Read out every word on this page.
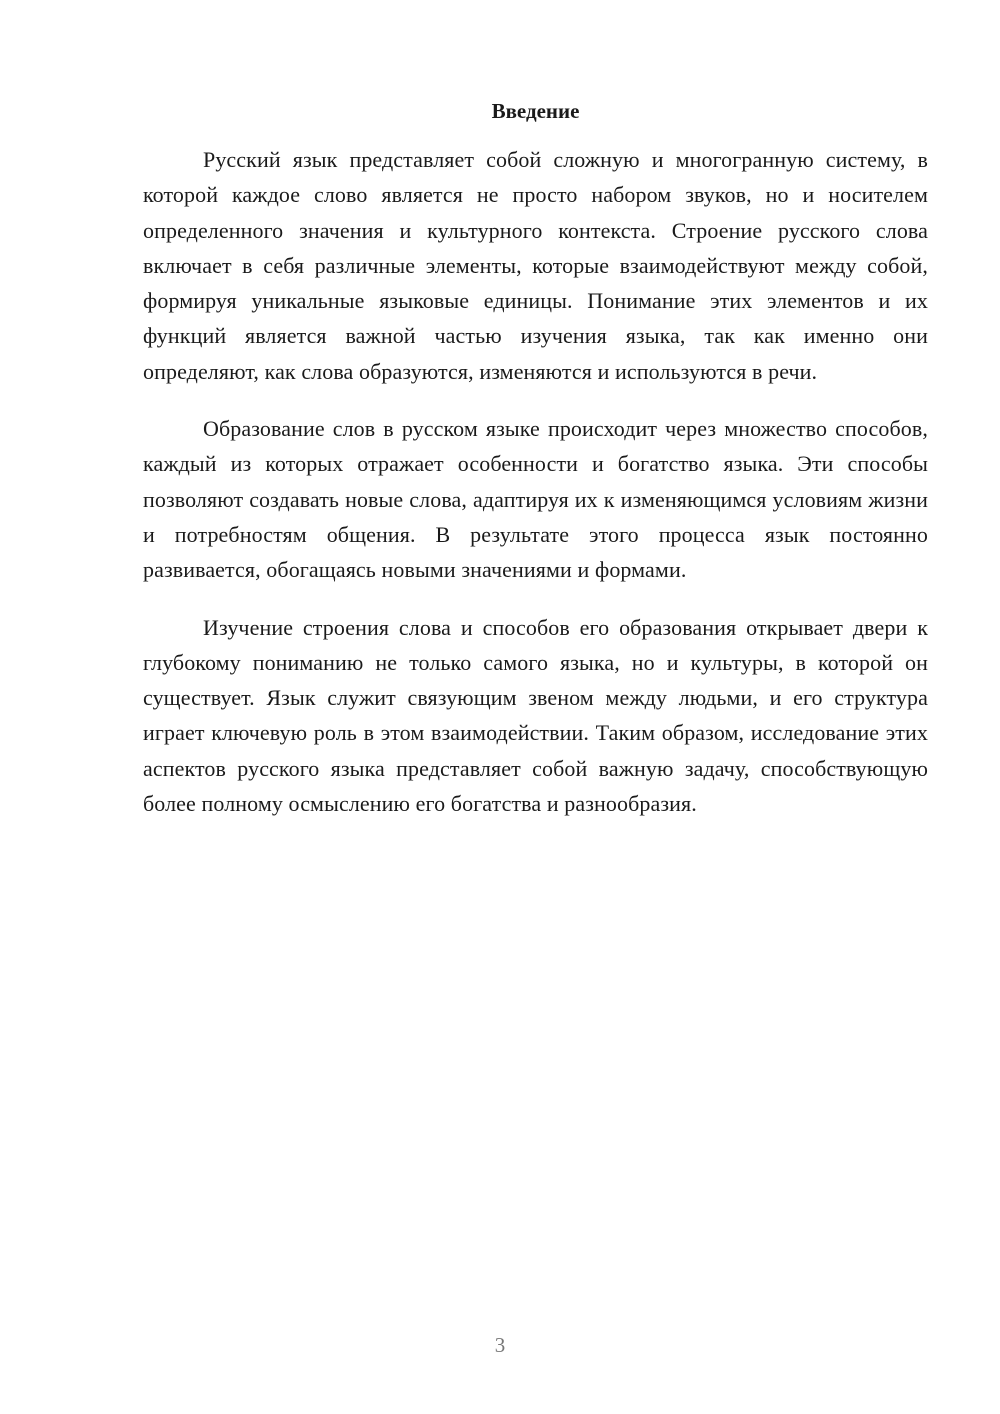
Введение

Русский язык представляет собой сложную и многогранную систему, в которой каждое слово является не просто набором звуков, но и носителем определенного значения и культурного контекста. Строение русского слова включает в себя различные элементы, которые взаимодействуют между собой, формируя уникальные языковые единицы. Понимание этих элементов и их функций является важной частью изучения языка, так как именно они определяют, как слова образуются, изменяются и используются в речи.

Образование слов в русском языке происходит через множество способов, каждый из которых отражает особенности и богатство языка. Эти способы позволяют создавать новые слова, адаптируя их к изменяющимся условиям жизни и потребностям общения. В результате этого процесса язык постоянно развивается, обогащаясь новыми значениями и формами.

Изучение строения слова и способов его образования открывает двери к глубокому пониманию не только самого языка, но и культуры, в которой он существует. Язык служит связующим звеном между людьми, и его структура играет ключевую роль в этом взаимодействии. Таким образом, исследование этих аспектов русского языка представляет собой важную задачу, способствующую более полному осмыслению его богатства и разнообразия.

3
